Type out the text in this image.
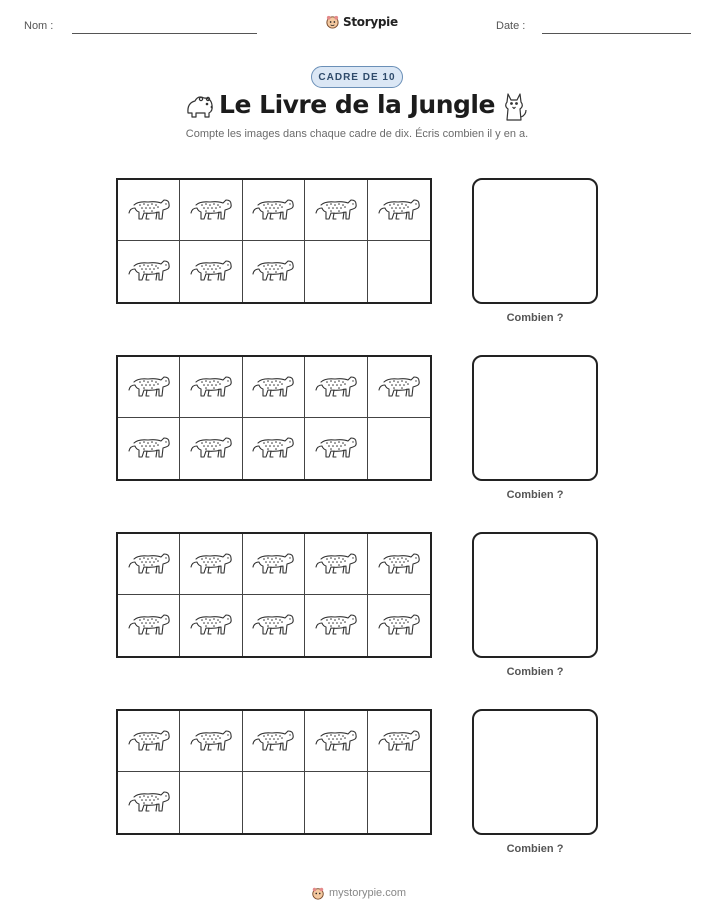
Nom :	Storypie	Date :
CADRE DE 10
Le Livre de la Jungle
Compte les images dans chaque cadre de dix. Écris combien il y en a.
Combien ?
Combien ?
Combien ?
Combien ?
mystorypie.com
